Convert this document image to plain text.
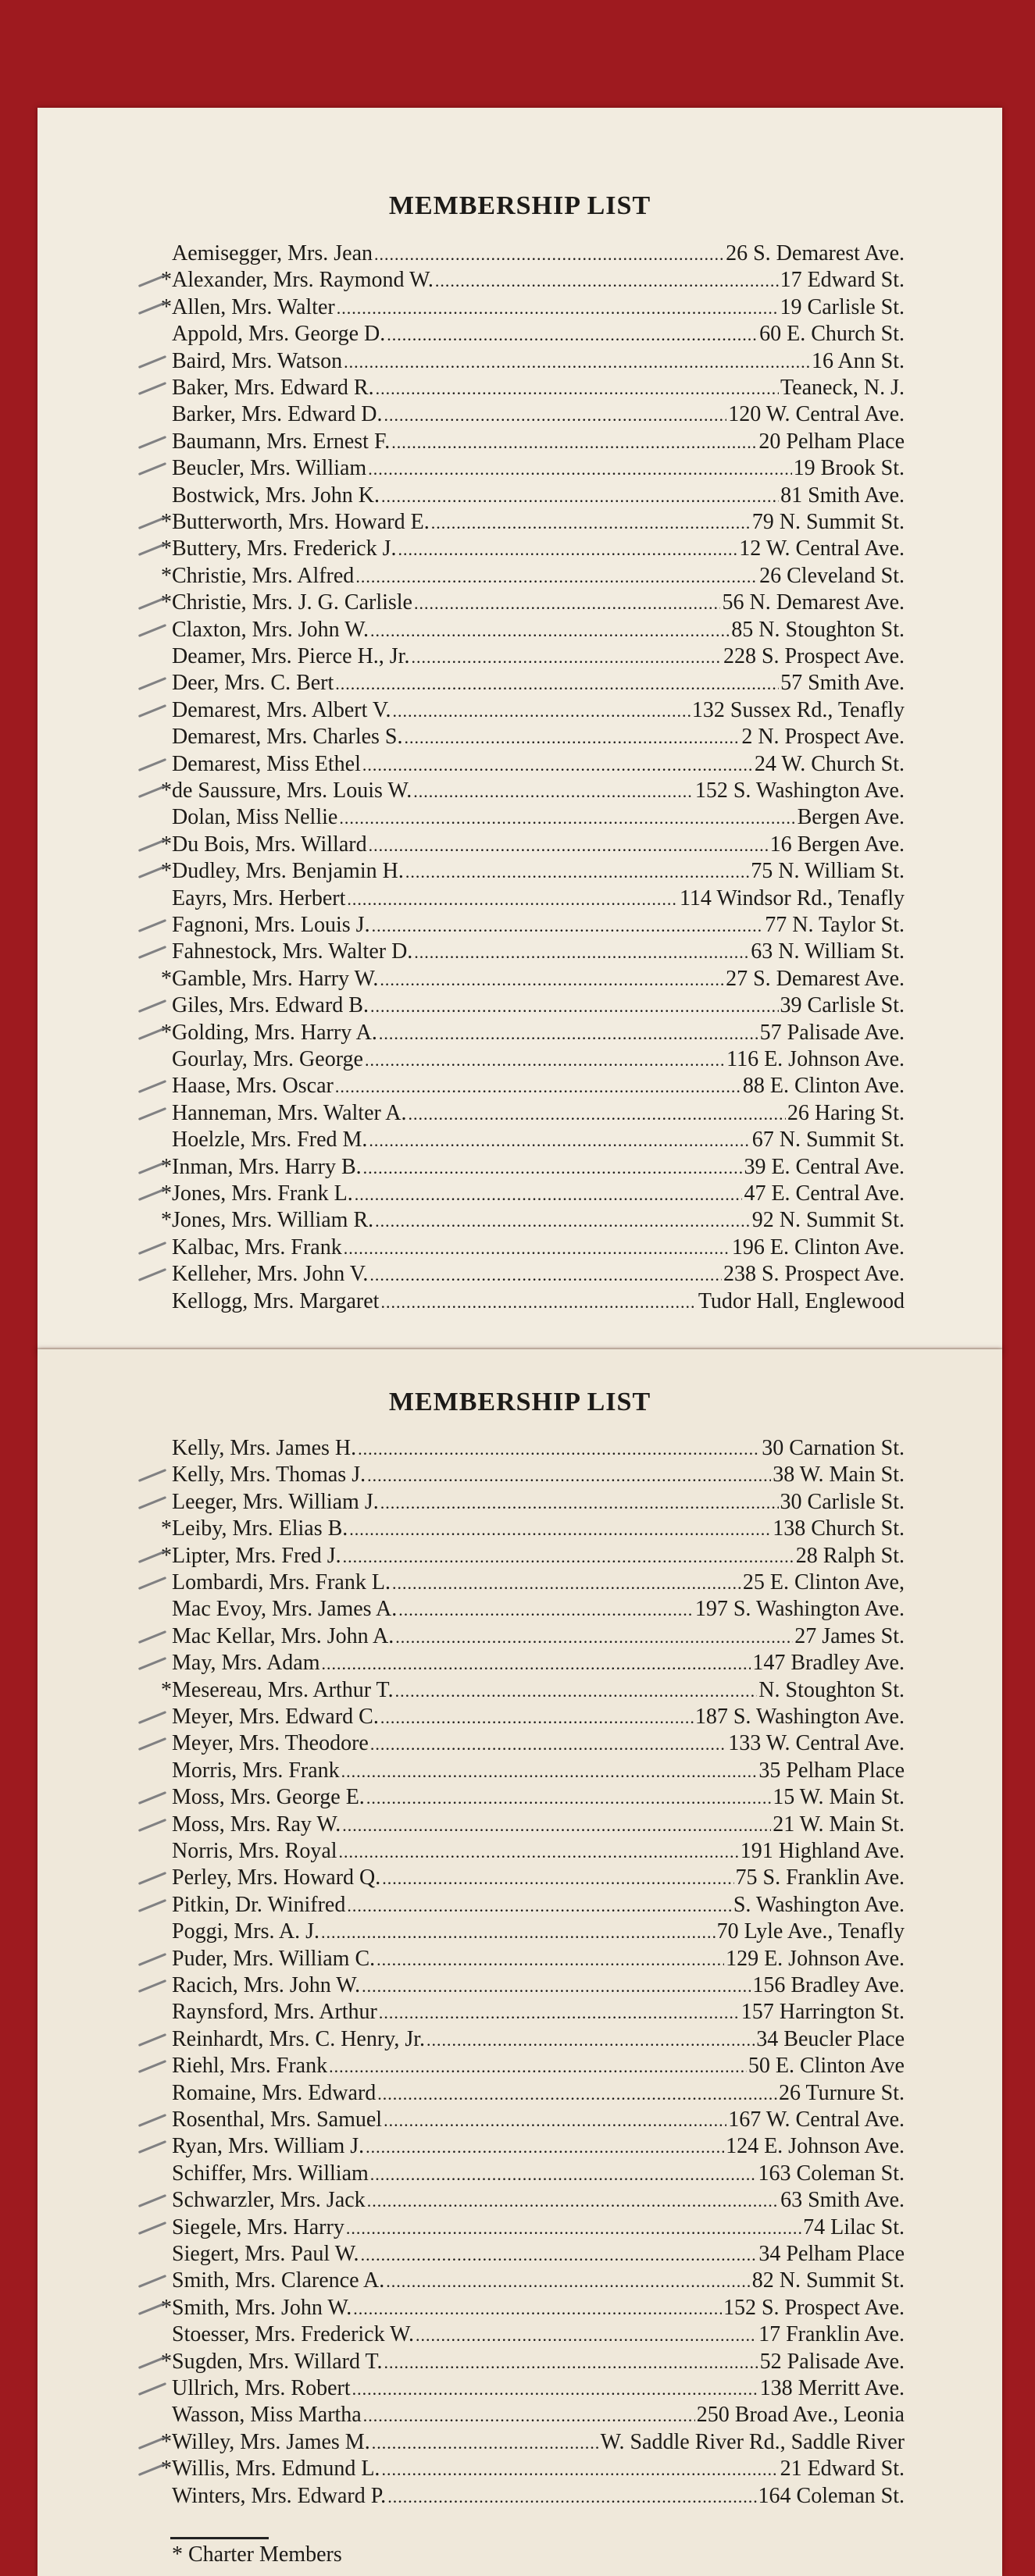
MEMBERSHIP LIST
Aemisegger, Mrs. Jean .....	26 S. Demarest Ave.
* Alexander, Mrs. Raymond W. .....	17 Edward St.
* Allen, Mrs. Walter .....	19 Carlisle St.
Appold, Mrs. George D. .....	60 E. Church St.
Baird, Mrs. Watson .....	16 Ann St.
Baker, Mrs. Edward R. .....	Teaneck, N. J.
Barker, Mrs. Edward D. .....	120 W. Central Ave.
Baumann, Mrs. Ernest F. .....	20 Pelham Place
Beucler, Mrs. William .....	19 Brook St.
Bostwick, Mrs. John K. .....	81 Smith Ave.
* Butterworth, Mrs. Howard E. .....	79 N. Summit St.
* Buttery, Mrs. Frederick J. .....	12 W. Central Ave.
* Christie, Mrs. Alfred .....	26 Cleveland St.
* Christie, Mrs. J. G. Carlisle .....	56 N. Demarest Ave.
Claxton, Mrs. John W. .....	85 N. Stoughton St.
Deamer, Mrs. Pierce H., Jr. .....	228 S. Prospect Ave.
Deer, Mrs. C. Bert .....	57 Smith Ave.
Demarest, Mrs. Albert V. .....	132 Sussex Rd., Tenafly
Demarest, Mrs. Charles S. .....	2 N. Prospect Ave.
Demarest, Miss Ethel .....	24 W. Church St.
* de Saussure, Mrs. Louis W. .....	152 S. Washington Ave.
Dolan, Miss Nellie .....	Bergen Ave.
* Du Bois, Mrs. Willard .....	16 Bergen Ave.
* Dudley, Mrs. Benjamin H. .....	75 N. William St.
Eayrs, Mrs. Herbert .....	114 Windsor Rd., Tenafly
Fagnoni, Mrs. Louis J. .....	77 N. Taylor St.
Fahnestock, Mrs. Walter D. .....	63 N. William St.
* Gamble, Mrs. Harry W. .....	27 S. Demarest Ave.
Giles, Mrs. Edward B. .....	39 Carlisle St.
* Golding, Mrs. Harry A. .....	57 Palisade Ave.
Gourlay, Mrs. George .....	116 E. Johnson Ave.
Haase, Mrs. Oscar .....	88 E. Clinton Ave.
Hanneman, Mrs. Walter A. .....	26 Haring St.
Hoelzle, Mrs. Fred M. .....	67 N. Summit St.
* Inman, Mrs. Harry B. .....	39 E. Central Ave.
* Jones, Mrs. Frank L. .....	47 E. Central Ave.
* Jones, Mrs. William R. .....	92 N. Summit St.
Kalbac, Mrs. Frank .....	196 E. Clinton Ave.
Kelleher, Mrs. John V. .....	238 S. Prospect Ave.
Kellogg, Mrs. Margaret .....	Tudor Hall, Englewood
MEMBERSHIP LIST
Kelly, Mrs. James H. .....	30 Carnation St.
Kelly, Mrs. Thomas J. .....	38 W. Main St.
Leeger, Mrs. William J. .....	30 Carlisle St.
* Leiby, Mrs. Elias B. .....	138 Church St.
* Lipter, Mrs. Fred J. .....	28 Ralph St.
Lombardi, Mrs. Frank L. .....	25 E. Clinton Ave,
Mac Evoy, Mrs. James A. .....	197 S. Washington Ave.
Mac Kellar, Mrs. John A. .....	27 James St.
May, Mrs. Adam .....	147 Bradley Ave.
* Mesereau, Mrs. Arthur T. .....	N. Stoughton St.
Meyer, Mrs. Edward C. .....	187 S. Washington Ave.
Meyer, Mrs. Theodore .....	133 W. Central Ave.
Morris, Mrs. Frank .....	35 Pelham Place
Moss, Mrs. George E. .....	15 W. Main St.
Moss, Mrs. Ray W. .....	21 W. Main St.
Norris, Mrs. Royal .....	191 Highland Ave.
Perley, Mrs. Howard Q. .....	75 S. Franklin Ave.
Pitkin, Dr. Winifred .....	S. Washington Ave.
Poggi, Mrs. A. J. .....	70 Lyle Ave., Tenafly
Puder, Mrs. William C. .....	129 E. Johnson Ave.
Racich, Mrs. John W. .....	156 Bradley Ave.
Raynsford, Mrs. Arthur .....	157 Harrington St.
Reinhardt, Mrs. C. Henry, Jr. .....	34 Beucler Place
Riehl, Mrs. Frank .....	50 E. Clinton Ave
Romaine, Mrs. Edward .....	26 Turnure St.
Rosenthal, Mrs. Samuel .....	167 W. Central Ave.
Ryan, Mrs. William J. .....	124 E. Johnson Ave.
Schiffer, Mrs. William .....	163 Coleman St.
Schwarzler, Mrs. Jack .....	63 Smith Ave.
Siegele, Mrs. Harry .....	74 Lilac St.
Siegert, Mrs. Paul W. .....	34 Pelham Place
Smith, Mrs. Clarence A. .....	82 N. Summit St.
* Smith, Mrs. John W. .....	152 S. Prospect Ave.
Stoesser, Mrs. Frederick W. .....	17 Franklin Ave.
* Sugden, Mrs. Willard T. .....	52 Palisade Ave.
Ullrich, Mrs. Robert .....	138 Merritt Ave.
Wasson, Miss Martha .....	250 Broad Ave., Leonia
* Willey, Mrs. James M. .....	W. Saddle River Rd., Saddle River
* Willis, Mrs. Edmund L. .....	21 Edward St.
Winters, Mrs. Edward P. .....	164 Coleman St.
* Charter Members
